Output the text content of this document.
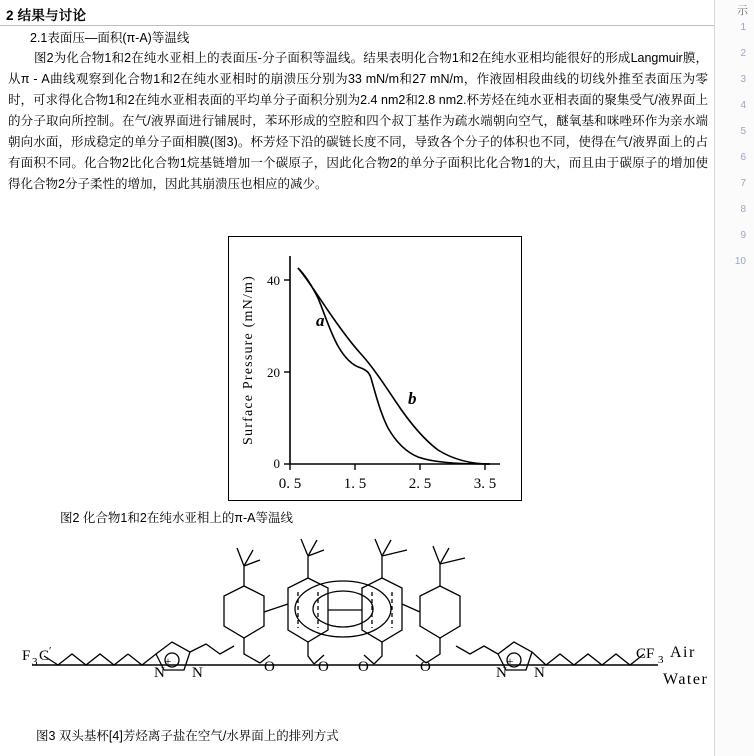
2 结果与讨论
2.1表面压—面积(π-A)等温线
图2为化合物1和2在纯水亚相上的表面压-分子面积等温线。结果表明化合物1和2在纯水亚相均能很好的形成Langmuir膜，从π - A曲线观察到化合物1和2在纯水亚相时的崩溃压分别为33 mN/m和27 mN/m，作液固相段曲线的切线外推至表面压为零时，可求得化合物1和2在纯水亚相表面的平均单分子面积分别为2.4 nm2和2.8 nm2.杯芳烃在纯水亚相表面的聚集受气/液界面上的分子取向所控制。在气/液界面进行铺展时，苯环形成的空腔和四个叔丁基作为疏水端朝向空气，醚氧基和咪唑环作为亲水端朝向水面，形成稳定的单分子面相膜(图3)。杯芳烃下沿的碳链长度不同，导致各个分子的体积也不同，使得在气/液界面上的占有面积不同。化合物2比化合物1烷基链增加一个碳原子，因此化合物2的单分子面积比化合物1的大，而且由于碳原子的增加使得化合物2分子柔性的增加，因此其崩溃压也相应的减少。
0
20
40
0. 5	1. 5	2. 5	3. 5
Surface Pressure (mN/m)	a
b
图2 化合物1和2在纯水亚相上的π-A等温线
F 3 C ′
N N	N N
+	+
O	O O	O
CF 3 Air
Water
图3 双头基杯[4]芳烃离子盐在空气/水界面上的排列方式
示
1
2
3
4
5
6
7
8
9
10
